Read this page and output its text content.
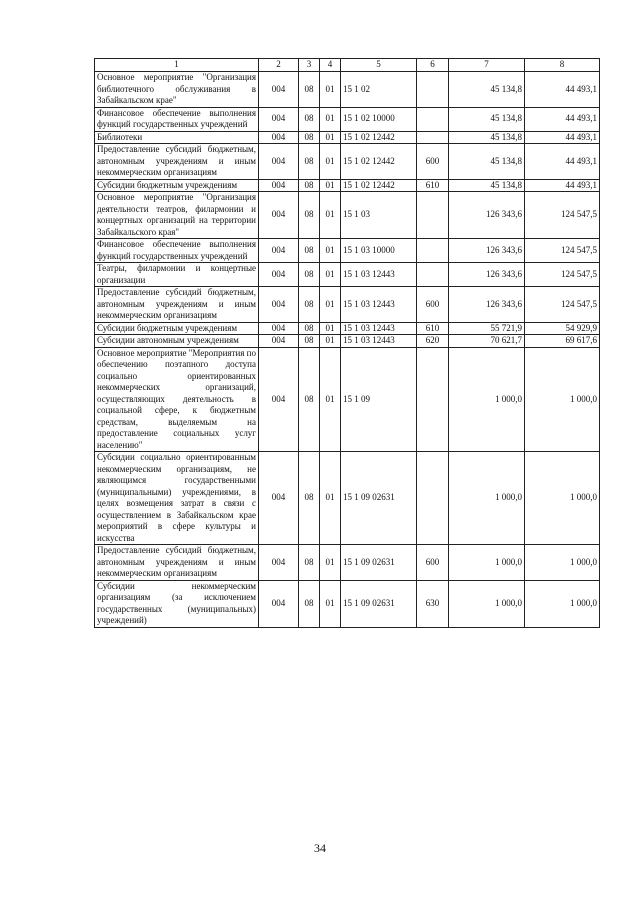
1	2	3	4	5	6	7	8
Основное мероприятие "Организация библиотечного обслуживания в Забайкальском крае"	004	08	01	15 1 02		45 134,8	44 493,1
Финансовое обеспечение выполнения функций государственных учреждений	004	08	01	15 1 02 10000		45 134,8	44 493,1
Библиотеки	004	08	01	15 1 02 12442		45 134,8	44 493,1
Предоставление субсидий бюджетным, автономным учреждениям и иным некоммерческим организациям	004	08	01	15 1 02 12442	600	45 134,8	44 493,1
Субсидии бюджетным учреждениям	004	08	01	15 1 02 12442	610	45 134,8	44 493,1
Основное мероприятие "Организация деятельности театров, филармонии и концертных организаций на территории Забайкальского края"	004	08	01	15 1 03		126 343,6	124 547,5
Финансовое обеспечение выполнения функций государственных учреждений	004	08	01	15 1 03 10000		126 343,6	124 547,5
Театры, филармонии и концертные организации	004	08	01	15 1 03 12443		126 343,6	124 547,5
Предоставление субсидий бюджетным, автономным учреждениям и иным некоммерческим организациям	004	08	01	15 1 03 12443	600	126 343,6	124 547,5
Субсидии бюджетным учреждениям	004	08	01	15 1 03 12443	610	55 721,9	54 929,9
Субсидии автономным учреждениям	004	08	01	15 1 03 12443	620	70 621,7	69 617,6
Основное мероприятие "Мероприятия по обеспечению поэтапного доступа социально ориентированных некоммерческих организаций, осуществляющих деятельность в социальной сфере, к бюджетным средствам, выделяемым на предоставление социальных услуг населению"	004	08	01	15 1 09		1 000,0	1 000,0
Субсидии социально ориентированным некоммерческим организациям, не являющимся государственными (муниципальными) учреждениями, в целях возмещения затрат в связи с осуществлением в Забайкальском крае мероприятий в сфере культуры и искусства	004	08	01	15 1 09 02631		1 000,0	1 000,0
Предоставление субсидий бюджетным, автономным учреждениям и иным некоммерческим организациям	004	08	01	15 1 09 02631	600	1 000,0	1 000,0
Субсидии некоммерческим организациям (за исключением государственных (муниципальных) учреждений)	004	08	01	15 1 09 02631	630	1 000,0	1 000,0
34
